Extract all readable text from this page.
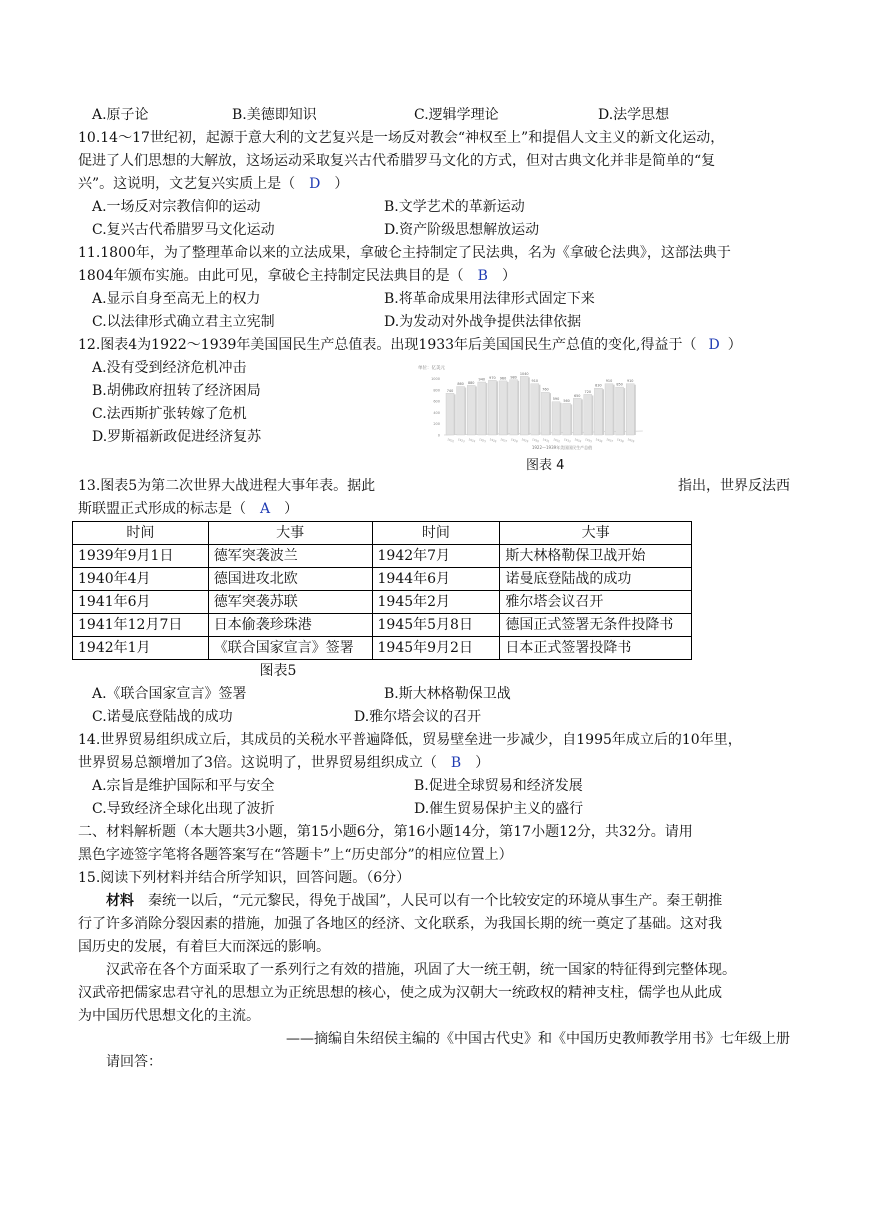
A.原子论	B.美德即知识	C.逻辑学理论	D.法学思想
10.14～17世纪初，起源于意大利的文艺复兴是一场反对教会“神权至上”和提倡人文主义的新文化运动，
促进了人们思想的大解放，这场运动采取复兴古代希腊罗马文化的方式，但对古典文化并非是简单的“复
兴”。这说明，文艺复兴实质上是（ D ）
A.一场反对宗教信仰的运动	B.文学艺术的革新运动
C.复兴古代希腊罗马文化运动	D.资产阶级思想解放运动
11.1800年，为了整理革命以来的立法成果，拿破仑主持制定了民法典，名为《拿破仑法典》，这部法典于
1804年颁布实施。由此可见，拿破仑主持制定民法典目的是（ B ）
A.显示自身至高无上的权力	B.将革命成果用法律形式固定下来
C.以法律形式确立君主立宪制	D.为发动对外战争提供法律依据
12.图表4为1922～1939年美国国民生产总值表。出现1933年后美国国民生产总值的变化,得益于（ D ）
A.没有受到经济危机冲击
B.胡佛政府扭转了经济困局
C.法西斯扩张转嫁了危机
D.罗斯福新政促进经济复苏
单位：亿美元
0
200
400
600
800
1000
740
1922
860
1923
880
1924
940
1925
970
1926
960
1927
980
1928
1040
1929
910
1930
760
1931
590
1932
560
1933
650
1934
720
1935
830
1936
910
1937
850
1938
910
1939
1922—1939年美国国民生产总值
图表 4
13.图表5为第二次世界大战进程大事年表。据此	指出，世界反法西
斯联盟正式形成的标志是（ A ）
时间	大事	时间	大事
1939年9月1日	德军突袭波兰	1942年7月	斯大林格勒保卫战开始
1940年4月	德国进攻北欧	1944年6月	诺曼底登陆战的成功
1941年6月	德军突袭苏联	1945年2月	雅尔塔会议召开
1941年12月7日	日本偷袭珍珠港	1945年5月8日	德国正式签署无条件投降书
1942年1月	《联合国家宣言》签署	1945年9月2日	日本正式签署投降书
图表5
A.《联合国家宣言》签署	B.斯大林格勒保卫战
C.诺曼底登陆战的成功	D.雅尔塔会议的召开
14.世界贸易组织成立后，其成员的关税水平普遍降低，贸易壁垒进一步减少，自1995年成立后的10年里，
世界贸易总额增加了3倍。这说明了，世界贸易组织成立（ B ）
A.宗旨是维护国际和平与安全	B.促进全球贸易和经济发展
C.导致经济全球化出现了波折	D.催生贸易保护主义的盛行
二、材料解析题（本大题共3小题，第15小题6分，第16小题14分，第17小题12分，共32分。请用
黑色字迹签字笔将各题答案写在“答题卡”上“历史部分”的相应位置上）
15.阅读下列材料并结合所学知识，回答问题。（6分）
材料 秦统一以后，“元元黎民，得免于战国”，人民可以有一个比较安定的环境从事生产。秦王朝推
行了许多消除分裂因素的措施，加强了各地区的经济、文化联系，为我国长期的统一奠定了基础。这对我
国历史的发展，有着巨大而深远的影响。
汉武帝在各个方面采取了一系列行之有效的措施，巩固了大一统王朝，统一国家的特征得到完整体现。
汉武帝把儒家忠君守礼的思想立为正统思想的核心，使之成为汉朝大一统政权的精神支柱，儒学也从此成
为中国历代思想文化的主流。
——摘编自朱绍侯主编的《中国古代史》和《中国历史教师教学用书》七年级上册
请回答：
